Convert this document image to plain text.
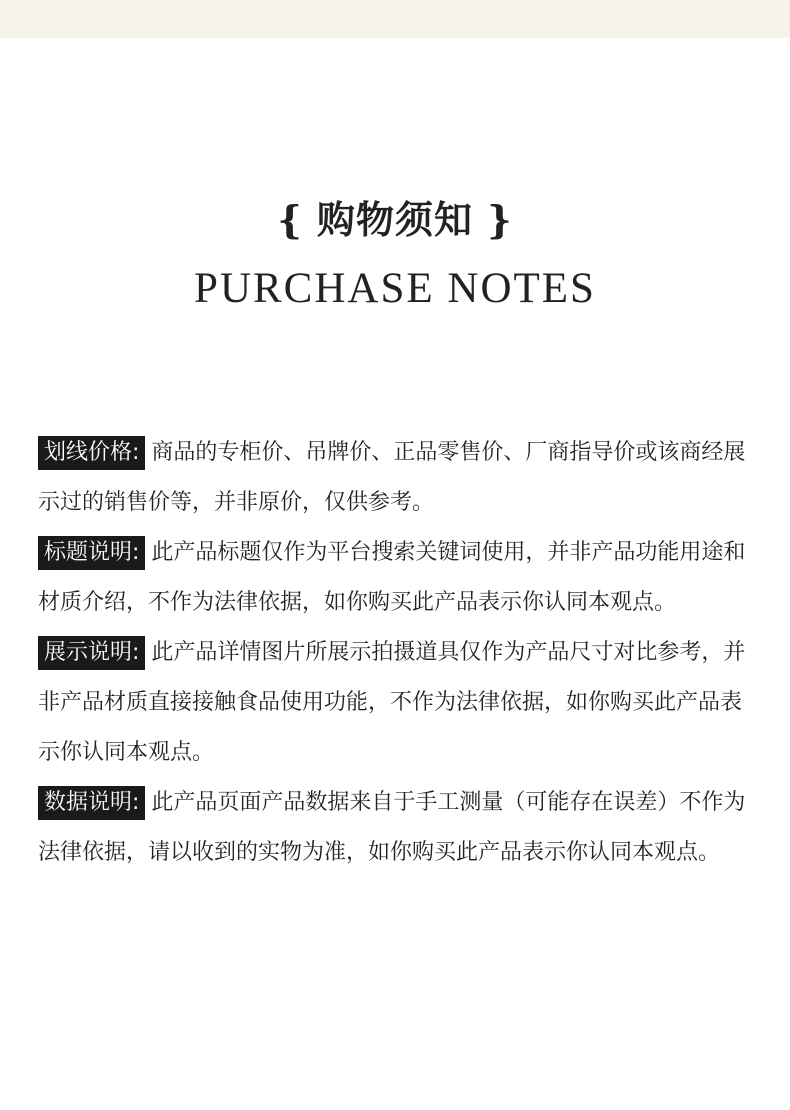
{ 购物须知 }
PURCHASE NOTES

划线价格: 商品的专柜价、吊牌价、正品零售价、厂商指导价或该商经展示过的销售价等，并非原价，仅供参考。

标题说明: 此产品标题仅作为平台搜索关键词使用，并非产品功能用途和材质介绍，不作为法律依据，如你购买此产品表示你认同本观点。

展示说明: 此产品详情图片所展示拍摄道具仅作为产品尺寸对比参考，并非产品材质直接接触食品使用功能，不作为法律依据，如你购买此产品表示你认同本观点。

数据说明: 此产品页面产品数据来自于手工测量（可能存在误差）不作为法律依据，请以收到的实物为准，如你购买此产品表示你认同本观点。
